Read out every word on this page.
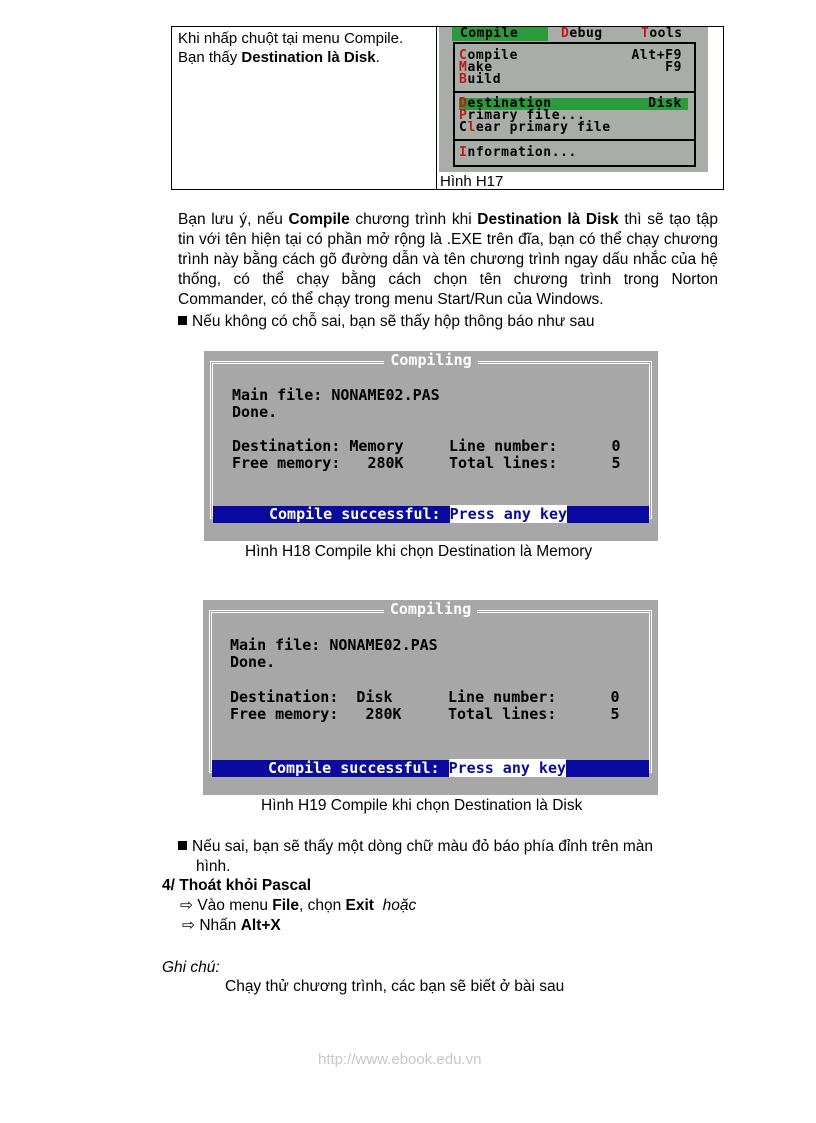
Khi nhấp chuột tại menu Compile.
Bạn thấy Destination là Disk.
Hình H17
Compile	Debug	Tools
Compile	Alt+F9
Make	F9
Build
Destination	Disk
Primary file...
Clear primary file
Information...
Bạn lưu ý, nếu Compile chương trình khi Destination là Disk thì sẽ tạo tập tin với tên hiện tại có phần mở rộng là .EXE trên đĩa, bạn có thể chạy chương trình này bằng cách gõ đường dẫn và tên chương trình ngay dấu nhắc của hệ thống, có thể chạy bằng cách chọn tên chương trình trong Norton Commander, có thể chạy trong menu Start/Run của Windows.
Nếu không có chỗ sai, bạn sẽ thấy hộp thông báo như sau
Compiling
Main file: NONAME02.PAS
Done.
Destination: Memory
Free memory:   280K
Line number:      0
Total lines:      5
Compile successful: Press any key
Hình H18 Compile khi chọn Destination là Memory
Compiling
Main file: NONAME02.PAS
Done.
Destination:  Disk
Free memory:   280K
Line number:      0
Total lines:      5
Compile successful: Press any key
Hình H19 Compile khi chọn Destination là Disk
Nếu sai, bạn sẽ thấy một dòng chữ màu đỏ báo phía đỉnh trên màn
hình.
4/ Thoát khỏi Pascal
⇨ Vào menu File, chọn Exit hoặc
⇨ Nhấn Alt+X
Ghi chú:
Chạy thử chương trình, các bạn sẽ biết ở bài sau
http://www.ebook.edu.vn
